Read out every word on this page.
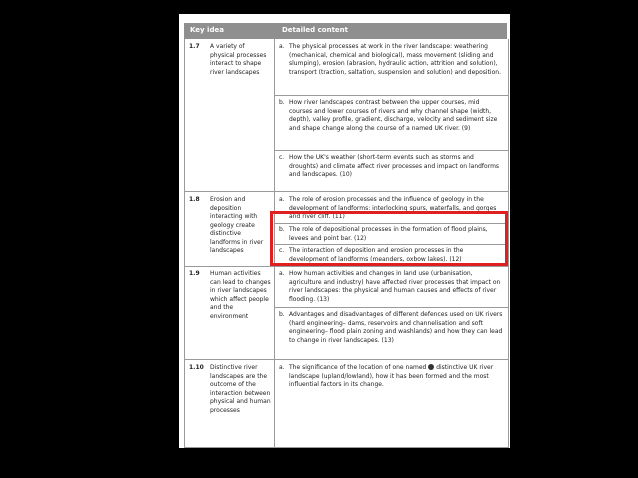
Key idea	Detailed content
1.7 A variety of physical processes interact to shape river landscapes
a. The physical processes at work in the river landscape: weathering (mechanical, chemical and biological), mass movement (sliding and slumping), erosion (abrasion, hydraulic action, attrition and solution), transport (traction, saltation, suspension and solution) and deposition.
b. How river landscapes contrast between the upper courses, mid courses and lower courses of rivers and why channel shape (width, depth), valley profile, gradient, discharge, velocity and sediment size and shape change along the course of a named UK river. (9)
c. How the UK's weather (short-term events such as storms and droughts) and climate affect river processes and impact on landforms and landscapes. (10)
1.8 Erosion and deposition interacting with geology create distinctive landforms in river landscapes
a. The role of erosion processes and the influence of geology in the development of landforms: interlocking spurs, waterfalls, and gorges and river cliff. (11)
b. The role of depositional processes in the formation of flood plains, levees and point bar. (12)
c. The interaction of deposition and erosion processes in the development of landforms (meanders, oxbow lakes). (12)
1.9 Human activities can lead to changes in river landscapes which affect people and the environment
a. How human activities and changes in land use (urbanisation, agriculture and industry) have affected river processes that impact on river landscapes: the physical and human causes and effects of river flooding. (13)
b. Advantages and disadvantages of different defences used on UK rivers (hard engineering– dams, reservoirs and channelisation and soft engineering– flood plain zoning and washlands) and how they can lead to change in river landscapes. (13)
1.10 Distinctive river landscapes are the outcome of the interaction between physical and human processes
a. The significance of the location of one named distinctive UK river landscape (upland/lowland), how it has been formed and the most influential factors in its change.
